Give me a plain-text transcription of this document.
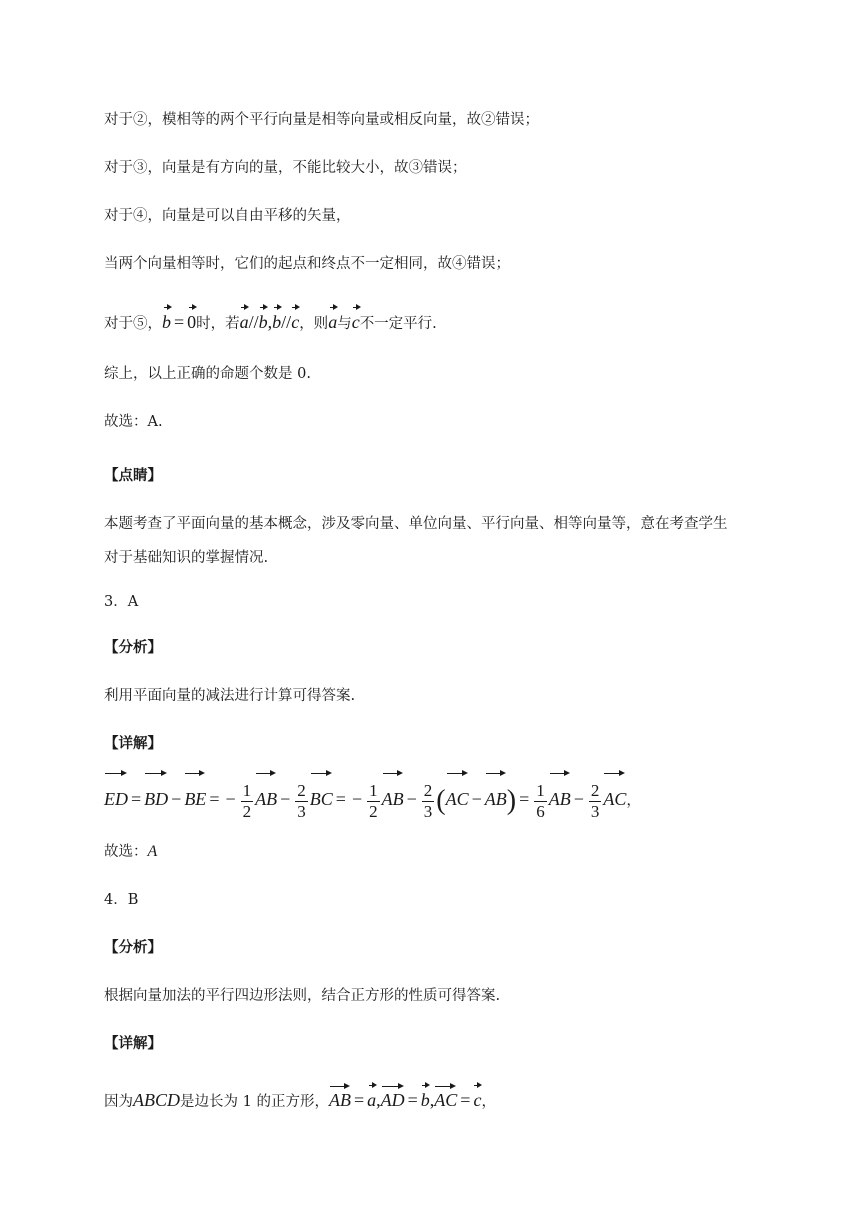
对于②，模相等的两个平行向量是相等向量或相反向量，故②错误；
对于③，向量是有方向的量，不能比较大小，故③错误；
对于④，向量是可以自由平移的矢量，
当两个向量相等时，它们的起点和终点不一定相同，故④错误；
对于⑤，
b = 0时，若
a//
b,
b//
c，则
a与
c不一定平行.
综上，以上正确的命题个数是 0.
故选：A.
【点睛】
本题考查了平面向量的基本概念，涉及零向量、单位向量、平行向量、相等向量等，意在考查学生
对于基础知识的掌握情况.
3．A
【分析】
利用平面向量的减法进行计算可得答案.
【详解】
ED = BD − BE = − $\frac{1}{2}$ AB − $\frac{2}{3}$ BC = − $\frac{1}{2}$ AB − $\frac{2}{3}$ (
AC − $AB) = \frac{1}{6}$ AB − $\frac{2}{3}$ AC，
故选：A
4．B
【分析】
根据向量加法的平行四边形法则，结合正方形的性质可得答案.
【详解】
因为ABCD是边长为 1 的正方形，
AB = a,
AD = b,
AC = c，
